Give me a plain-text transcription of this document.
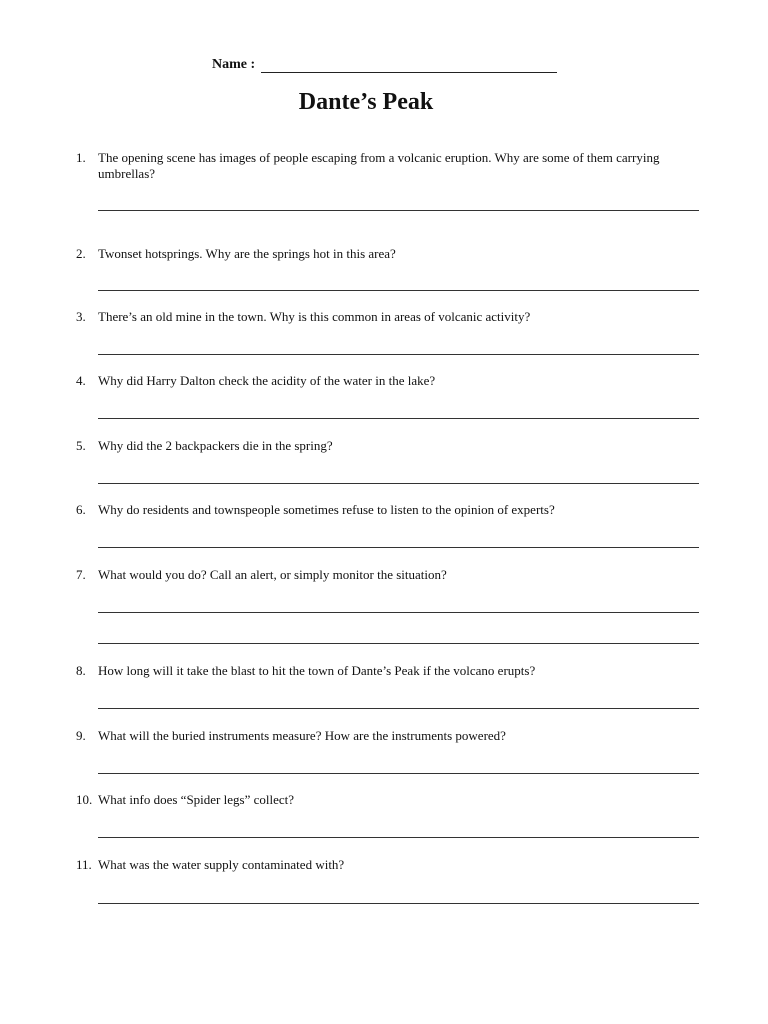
Name :
Dante’s Peak
1. The opening scene has images of people escaping from a volcanic eruption. Why are some of them carrying umbrellas?
2. Twonset hotsprings. Why are the springs hot in this area?
3. There’s an old mine in the town. Why is this common in areas of volcanic activity?
4. Why did Harry Dalton check the acidity of the water in the lake?
5. Why did the 2 backpackers die in the spring?
6. Why do residents and townspeople sometimes refuse to listen to the opinion of experts?
7. What would you do? Call an alert, or simply monitor the situation?
8. How long will it take the blast to hit the town of Dante’s Peak if the volcano erupts?
9. What will the buried instruments measure? How are the instruments powered?
10. What info does “Spider legs” collect?
11. What was the water supply contaminated with?
